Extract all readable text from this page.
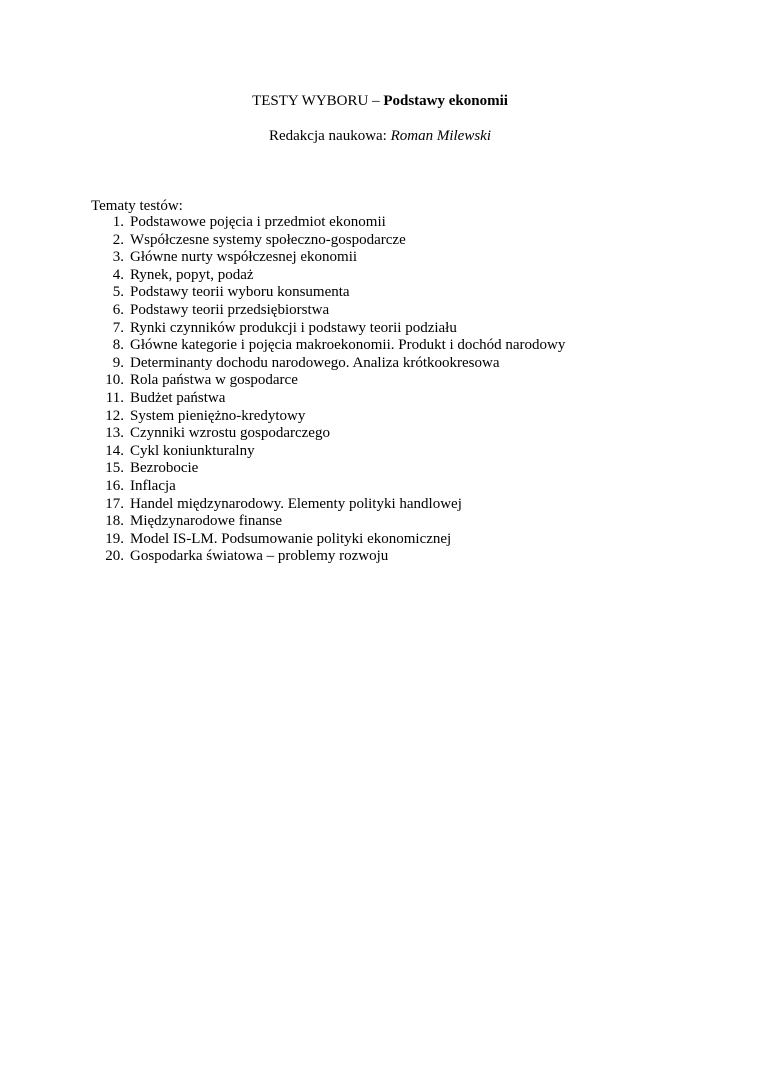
TESTY WYBORU – Podstawy ekonomii
Redakcja naukowa: Roman Milewski
Tematy testów:
1. Podstawowe pojęcia i przedmiot ekonomii
2. Współczesne systemy społeczno-gospodarcze
3. Główne nurty współczesnej ekonomii
4. Rynek, popyt, podaż
5. Podstawy teorii wyboru konsumenta
6. Podstawy teorii przedsiębiorstwa
7. Rynki czynników produkcji i podstawy teorii podziału
8. Główne kategorie i pojęcia makroekonomii. Produkt i dochód narodowy
9. Determinanty dochodu narodowego. Analiza krótkookresowa
10. Rola państwa w gospodarce
11. Budżet państwa
12. System pieniężno-kredytowy
13. Czynniki wzrostu gospodarczego
14. Cykl koniunkturalny
15. Bezrobocie
16. Inflacja
17. Handel międzynarodowy. Elementy polityki handlowej
18. Międzynarodowe finanse
19. Model IS-LM. Podsumowanie polityki ekonomicznej
20. Gospodarka światowa – problemy rozwoju
